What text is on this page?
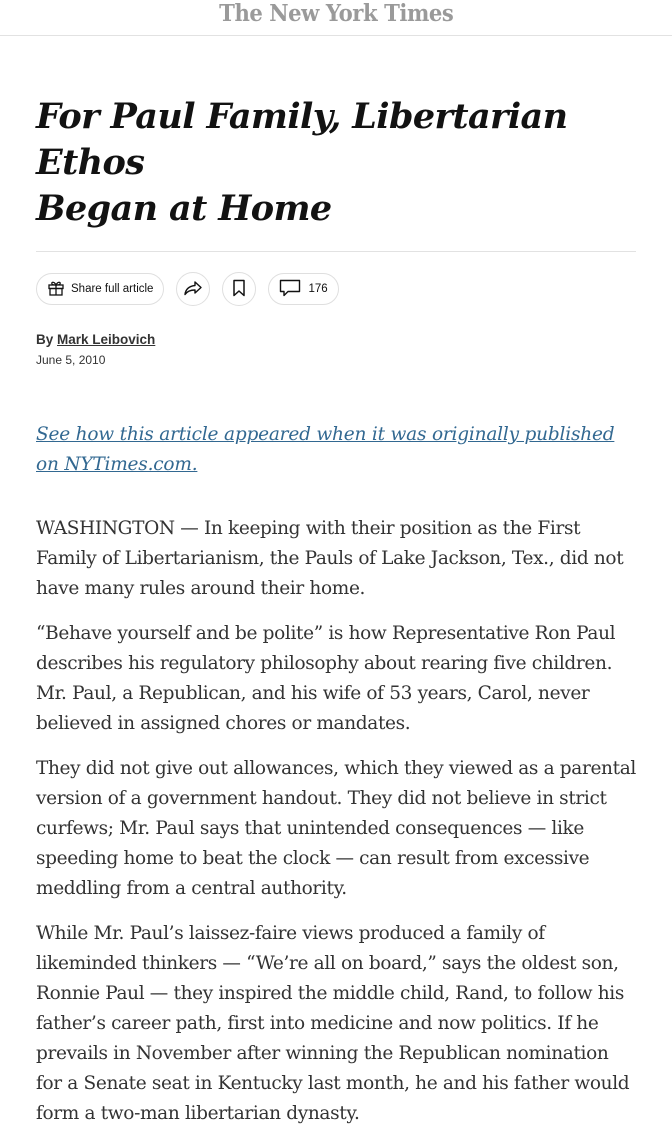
The New York Times
For Paul Family, Libertarian Ethos
Began at Home
Share full article	176
By Mark Leibovich
June 5, 2010
See how this article appeared when it was originally published on NYTimes.com.

WASHINGTON — In keeping with their position as the First Family of Libertarianism, the Pauls of Lake Jackson, Tex., did not have many rules around their home.

“Behave yourself and be polite” is how Representative Ron Paul describes his regulatory philosophy about rearing five children. Mr. Paul, a Republican, and his wife of 53 years, Carol, never believed in assigned chores or mandates.

They did not give out allowances, which they viewed as a parental version of a government handout. They did not believe in strict curfews; Mr. Paul says that unintended consequences — like speeding home to beat the clock — can result from excessive meddling from a central authority.

While Mr. Paul’s laissez-faire views produced a family of likeminded thinkers — “We’re all on board,” says the oldest son, Ronnie Paul — they inspired the middle child, Rand, to follow his father’s career path, first into medicine and now politics. If he prevails in November after winning the Republican nomination for a Senate seat in Kentucky last month, he and his father would form a two-man libertarian dynasty.
